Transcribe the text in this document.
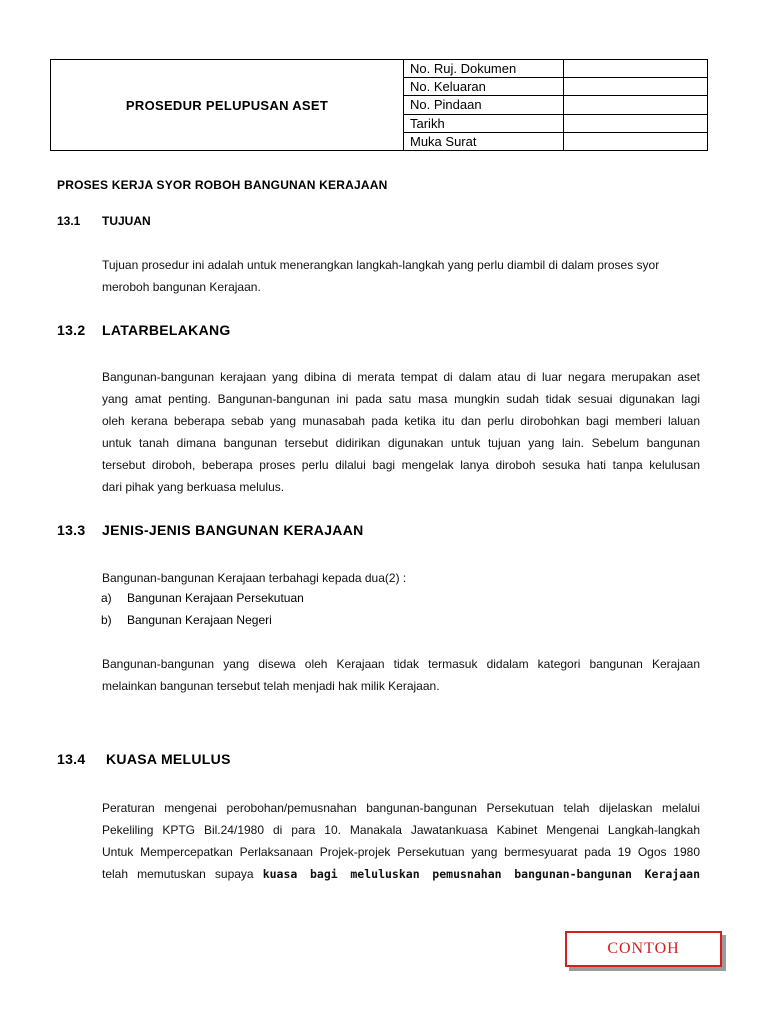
PROSEDUR PELUPUSAN ASET	No. Ruj. Dokumen	
	No. Keluaran	
	No. Pindaan	
	Tarikh	
	Muka Surat	
PROSES KERJA SYOR ROBOH BANGUNAN KERAJAAN
13.1 TUJUAN
Tujuan prosedur ini adalah untuk menerangkan langkah-langkah yang perlu diambil di dalam proses syor
meroboh bangunan Kerajaan.
13.2 LATARBELAKANG
Bangunan-bangunan kerajaan yang dibina di merata tempat di dalam atau di luar negara merupakan aset
yang amat penting. Bangunan-bangunan ini pada satu masa mungkin sudah tidak sesuai digunakan lagi
oleh kerana beberapa sebab yang munasabah pada ketika itu dan perlu dirobohkan bagi memberi laluan
untuk tanah dimana bangunan tersebut didirikan digunakan untuk tujuan yang lain. Sebelum bangunan
tersebut diroboh, beberapa proses perlu dilalui bagi mengelak lanya diroboh sesuka hati tanpa kelulusan
dari pihak yang berkuasa melulus.
13.3 JENIS-JENIS BANGUNAN KERAJAAN
Bangunan-bangunan Kerajaan terbahagi kepada dua(2) :
a) Bangunan Kerajaan Persekutuan
b) Bangunan Kerajaan Negeri
Bangunan-bangunan yang disewa oleh Kerajaan tidak termasuk didalam kategori bangunan Kerajaan
melainkan bangunan tersebut telah menjadi hak milik Kerajaan.
13.4 KUASA MELULUS
Peraturan mengenai perobohan/pemusnahan bangunan-bangunan Persekutuan telah dijelaskan melalui
Pekeliling KPTG Bil.24/1980 di para 10. Manakala Jawatankuasa Kabinet Mengenai Langkah-langkah
Untuk Mempercepatkan Perlaksanaan Projek-projek Persekutuan yang bermesyuarat pada 19 Ogos 1980
telah memutuskan supaya kuasa bagi meluluskan pemusnahan bangunan-bangunan Kerajaan
CONTOH
